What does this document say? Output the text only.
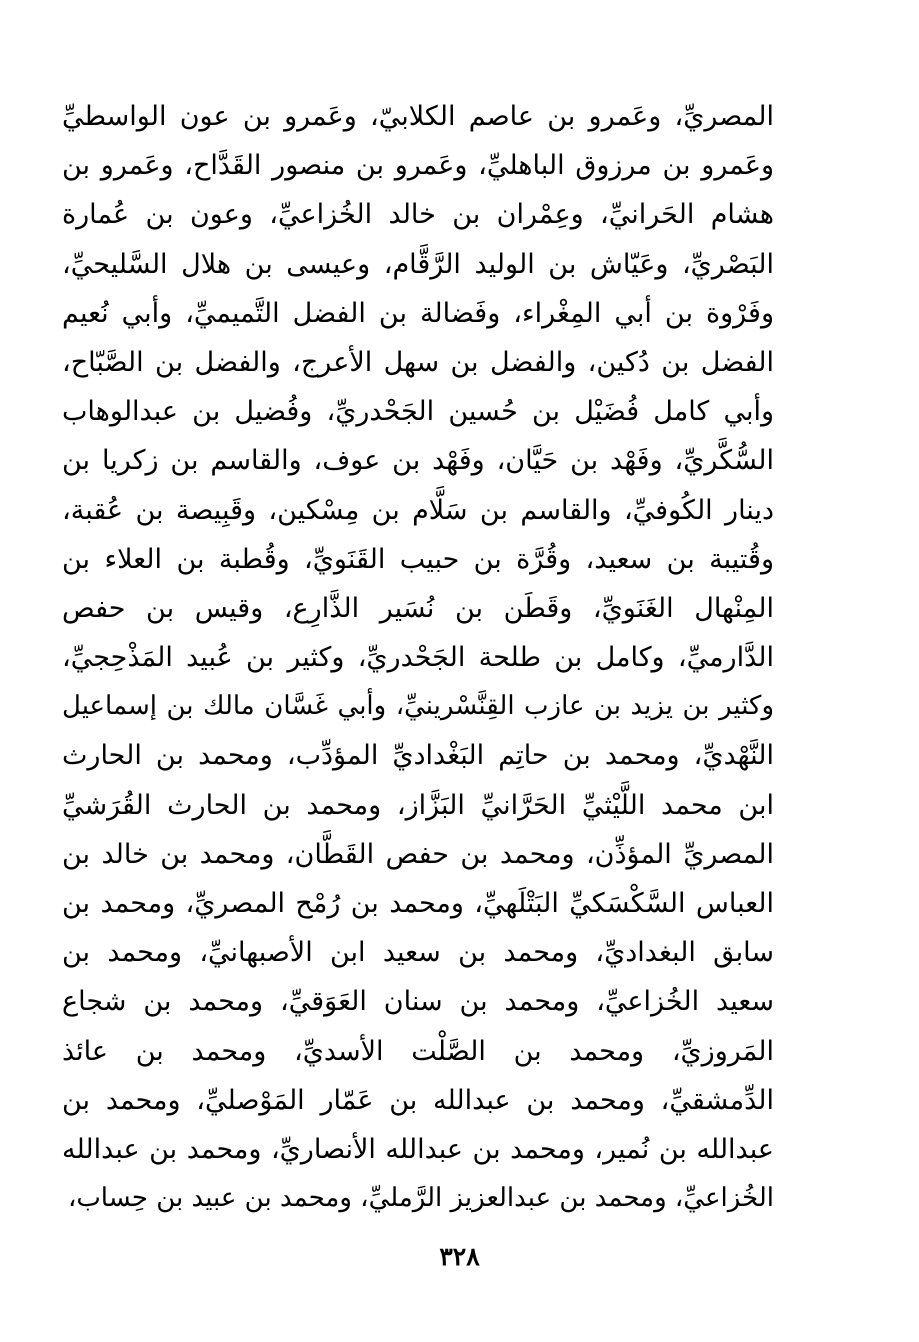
المصريِّ، وعَمرو بن عاصم الكلابيّ، وعَمرو بن عون الواسطيِّ
وعَمرو بن مرزوق الباهليِّ، وعَمرو بن منصور القَدَّاح، وعَمرو بن
هشام الحَرانيِّ، وعِمْران بن خالد الخُزاعيِّ، وعون بن عُمارة
البَصْريِّ، وعَيّاش بن الوليد الرَّقَّام، وعيسى بن هلال السَّليحيِّ،
وفَرْوة بن أبي المِغْراء، وفَضالة بن الفضل التَّميميِّ، وأبي نُعيم
الفضل بن دُكين، والفضل بن سهل الأعرج، والفضل بن الصَّبّاح،
وأبي كامل فُضَيْل بن حُسين الجَحْدريِّ، وفُضيل بن عبدالوهاب
السُّكَّريِّ، وفَهْد بن حَيَّان، وفَهْد بن عوف، والقاسم بن زكريا بن
دينار الكُوفيِّ، والقاسم بن سَلَّام بن مِسْكين، وقَبِيصة بن عُقبة،
وقُتيبة بن سعيد، وقُرَّة بن حبيب القَنَويِّ، وقُطبة بن العلاء بن
المِنْهال الغَنَويِّ، وقَطَن بن نُسَير الذَّارِع، وقيس بن حفص
الدَّارميِّ، وكامل بن طلحة الجَحْدريِّ، وكثير بن عُبيد المَذْحِجيِّ،
وكثير بن يزيد بن عازب القِنَّسْرينيِّ، وأبي غَسَّان مالك بن إسماعيل
النَّهْديِّ، ومحمد بن حاتِم البَغْداديِّ المؤدِّب، ومحمد بن الحارث
ابن محمد اللَّيْثيِّ الحَرَّانيِّ البَزَّاز، ومحمد بن الحارث القُرَشيِّ
المصريِّ المؤذِّن، ومحمد بن حفص القَطَّان، ومحمد بن خالد بن
العباس السَّكْسَكيِّ البَتْلَهيِّ، ومحمد بن رُمْح المصريِّ، ومحمد بن
سابق البغداديِّ، ومحمد بن سعيد ابن الأصبهانيِّ، ومحمد بن
سعيد الخُزاعيِّ، ومحمد بن سنان العَوَقيِّ، ومحمد بن شجاع
المَروزيِّ، ومحمد بن الصَّلْت الأسديِّ، ومحمد بن عائذ
الدِّمشقيِّ، ومحمد بن عبدالله بن عَمّار المَوْصليِّ، ومحمد بن
عبدالله بن نُمير، ومحمد بن عبدالله الأنصاريِّ، ومحمد بن عبدالله
الخُزاعيِّ، ومحمد بن عبدالعزيز الرَّمليِّ، ومحمد بن عبيد بن حِساب،
٣٢٨
